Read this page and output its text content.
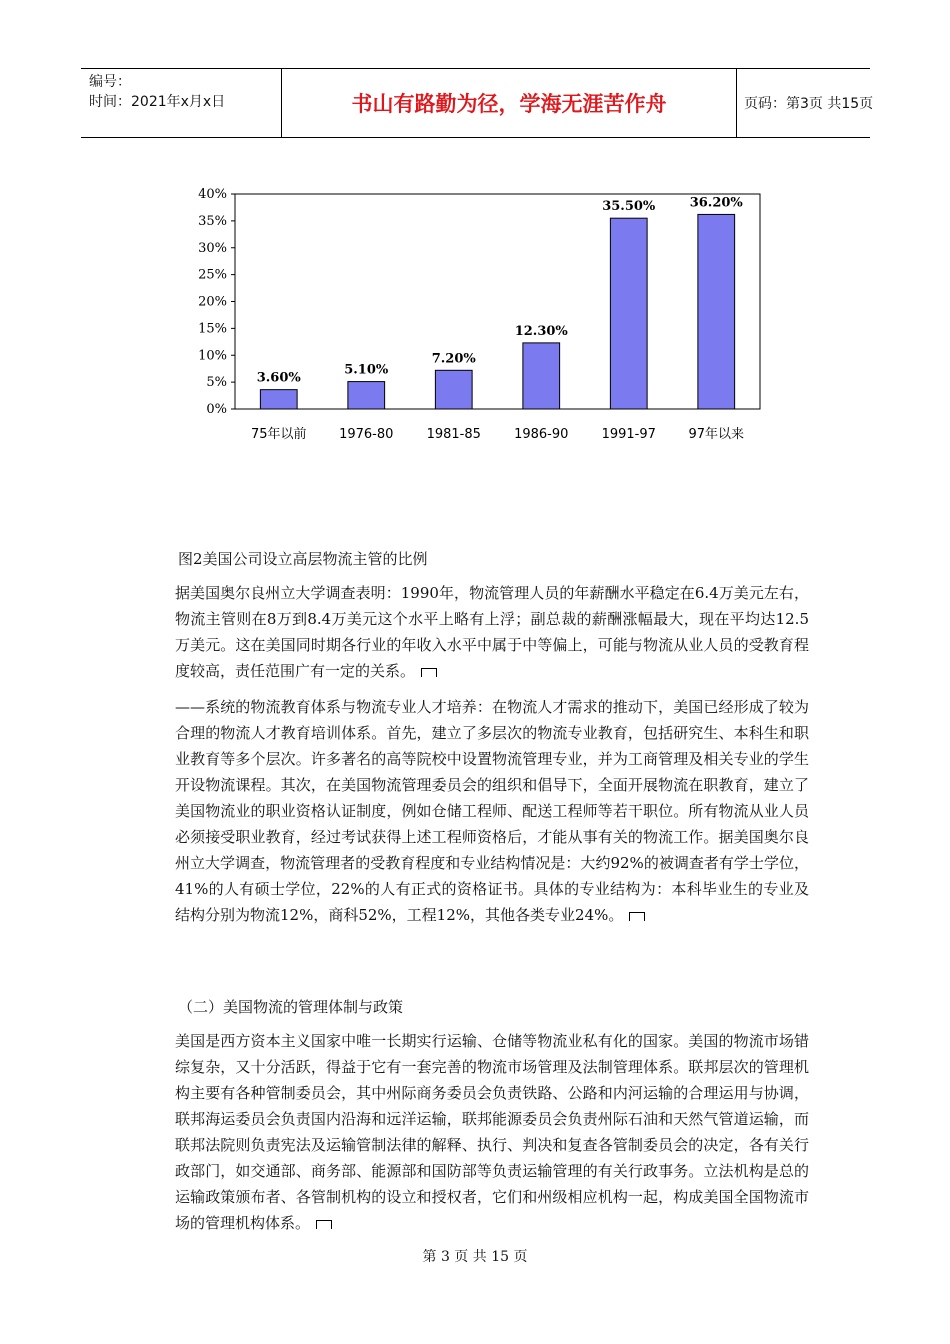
编号：
时间：2021年x月x日	书山有路勤为径，学海无涯苦作舟	页码：第3页 共15页
0%
5%
10%
15%
20%
25%
30%
35%
40%
3.60%
75年以前
5.10%
1976-80
7.20%
1981-85
12.30%
1986-90
35.50%
1991-97
36.20%
97年以来
图2美国公司设立高层物流主管的比例
据美国奥尔良州立大学调查表明：1990年，物流管理人员的年薪酬水平稳定在6.4万美元左右，物流主管则在8万到8.4万美元这个水平上略有上浮；副总裁的薪酬涨幅最大，现在平均达12.5万美元。这在美国同时期各行业的年收入水平中属于中等偏上，可能与物流从业人员的受教育程度较高，责任范围广有一定的关系。
——系统的物流教育体系与物流专业人才培养：在物流人才需求的推动下，美国已经形成了较为合理的物流人才教育培训体系。首先，建立了多层次的物流专业教育，包括研究生、本科生和职业教育等多个层次。许多著名的高等院校中设置物流管理专业，并为工商管理及相关专业的学生开设物流课程。其次，在美国物流管理委员会的组织和倡导下，全面开展物流在职教育，建立了美国物流业的职业资格认证制度，例如仓储工程师、配送工程师等若干职位。所有物流从业人员必须接受职业教育，经过考试获得上述工程师资格后，才能从事有关的物流工作。据美国奥尔良州立大学调查，物流管理者的受教育程度和专业结构情况是：大约92%的被调查者有学士学位，41%的人有硕士学位，22%的人有正式的资格证书。具体的专业结构为：本科毕业生的专业及结构分别为物流12%，商科52%，工程12%，其他各类专业24%。
（二）美国物流的管理体制与政策
美国是西方资本主义国家中唯一长期实行运输、仓储等物流业私有化的国家。美国的物流市场错综复杂，又十分活跃，得益于它有一套完善的物流市场管理及法制管理体系。联邦层次的管理机构主要有各种管制委员会，其中州际商务委员会负责铁路、公路和内河运输的合理运用与协调，联邦海运委员会负责国内沿海和远洋运输，联邦能源委员会负责州际石油和天然气管道运输，而联邦法院则负责宪法及运输管制法律的解释、执行、判决和复查各管制委员会的决定，各有关行政部门，如交通部、商务部、能源部和国防部等负责运输管理的有关行政事务。立法机构是总的运输政策颁布者、各管制机构的设立和授权者，它们和州级相应机构一起，构成美国全国物流市场的管理机构体系。
第 3 页 共 15 页
